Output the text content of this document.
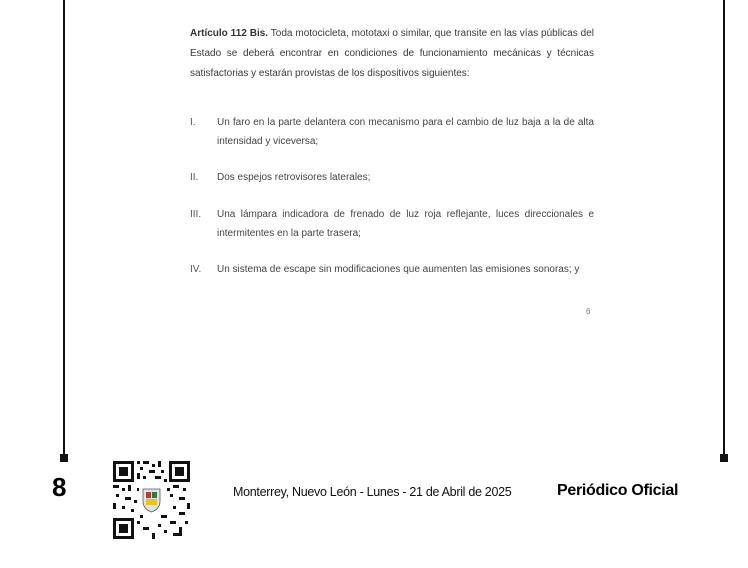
Artículo 112 Bis. Toda motocicleta, mototaxi o similar, que transite en las vías públicas del Estado se deberá encontrar en condiciones de funcionamiento mecánicas y técnicas satisfactorias y estarán provistas de los dispositivos siguientes:
I.	Un faro en la parte delantera con mecanismo para el cambio de luz baja a la de alta intensidad y viceversa;
II.	Dos espejos retrovisores laterales;
III.	Una lámpara indicadora de frenado de luz roja reflejante, luces direccionales e intermitentes en la parte trasera;
IV.	Un sistema de escape sin modificaciones que aumenten las emisiones sonoras; y
6
8	Monterrey, Nuevo León - Lunes - 21 de Abril de 2025	Periódico Oficial
